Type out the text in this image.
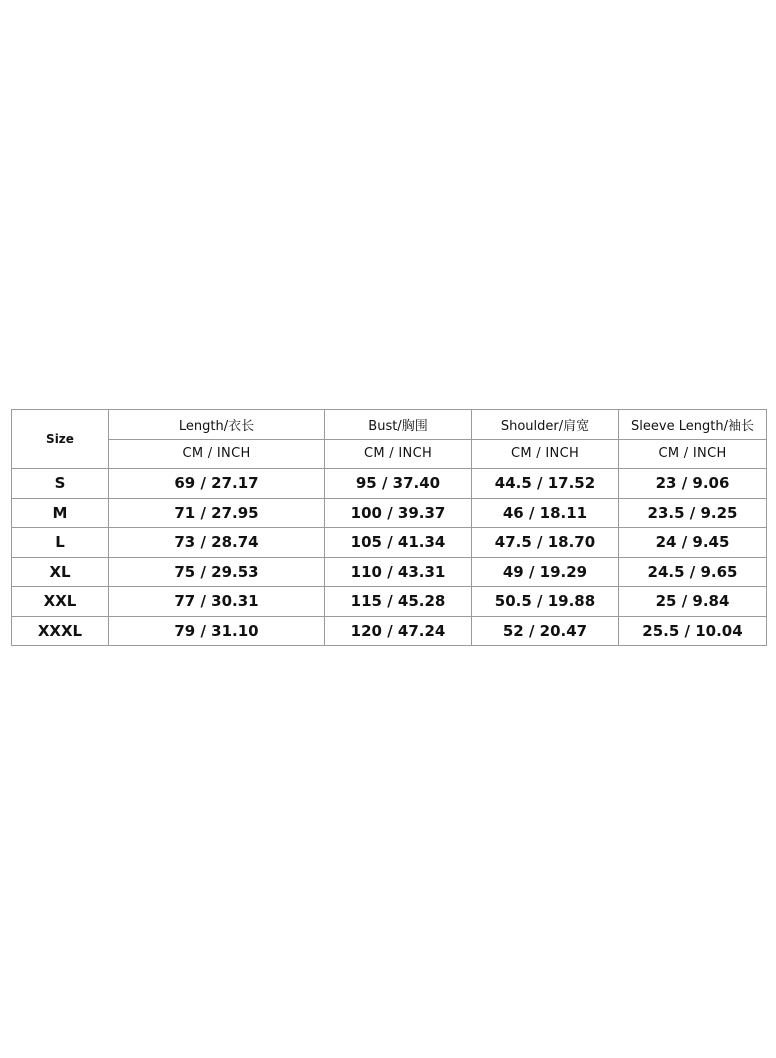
Size	Length/衣长	Bust/胸围	Shoulder/肩宽	Sleeve Length/袖长
	CM / INCH	CM / INCH	CM / INCH	CM / INCH
S	69 / 27.17	95 / 37.40	44.5 / 17.52	23 / 9.06
M	71 / 27.95	100 / 39.37	46 / 18.11	23.5 / 9.25
L	73 / 28.74	105 / 41.34	47.5 / 18.70	24 / 9.45
XL	75 / 29.53	110 / 43.31	49 / 19.29	24.5 / 9.65
XXL	77 / 30.31	115 / 45.28	50.5 / 19.88	25 / 9.84
XXXL	79 / 31.10	120 / 47.24	52 / 20.47	25.5 / 10.04
